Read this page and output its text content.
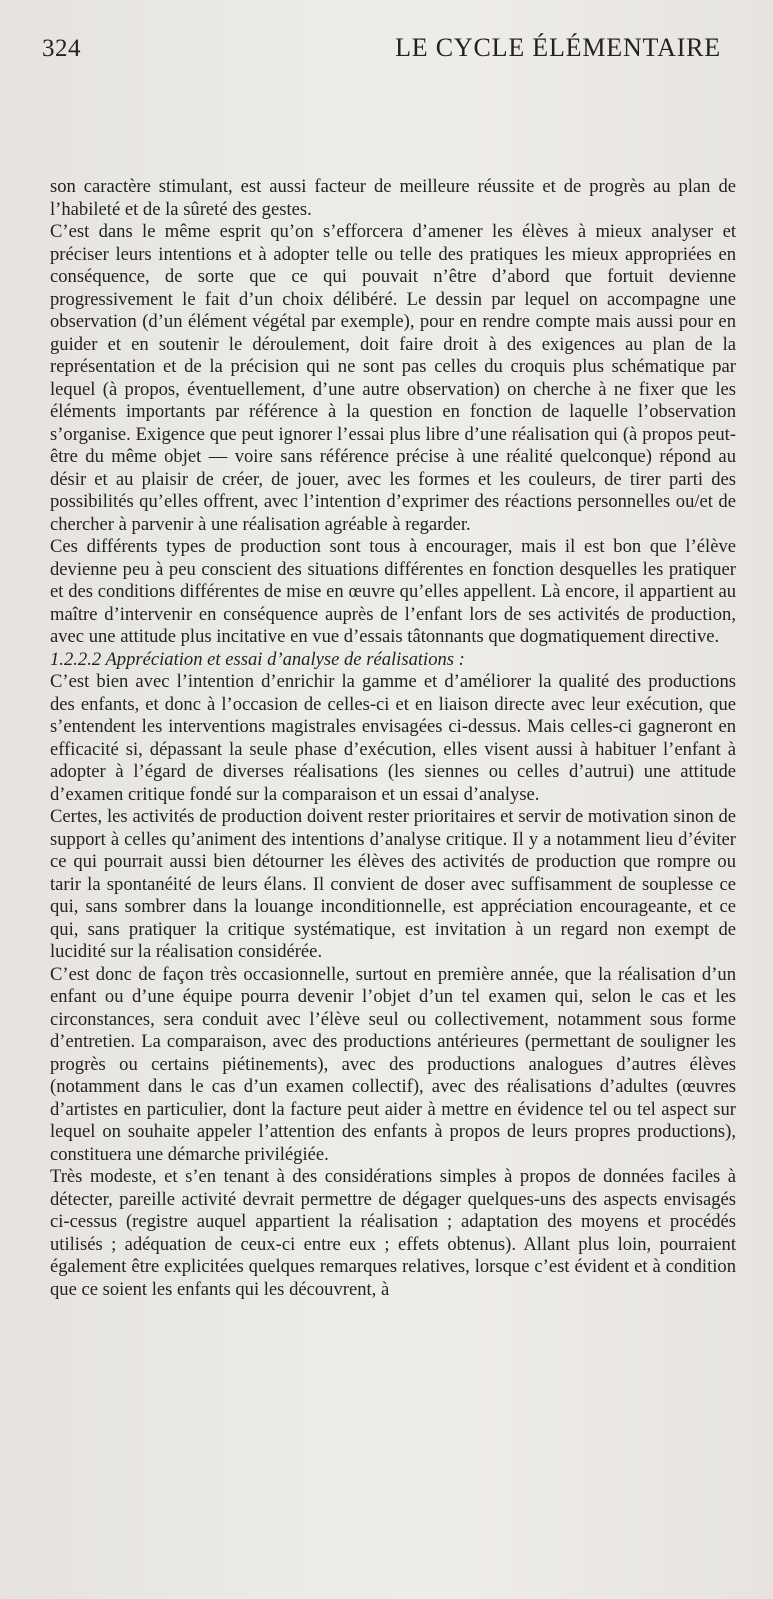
324	LE CYCLE ÉLÉMENTAIRE

son caractère stimulant, est aussi facteur de meilleure réussite et de progrès au plan de l’habileté et de la sûreté des gestes.

C’est dans le même esprit qu’on s’efforcera d’amener les élèves à mieux analyser et préciser leurs intentions et à adopter telle ou telle des pratiques les mieux appropriées en conséquence, de sorte que ce qui pouvait n’être d’abord que fortuit devienne progressivement le fait d’un choix délibéré. Le dessin par lequel on accompagne une observation (d’un élément végétal par exemple), pour en rendre compte mais aussi pour en guider et en soutenir le déroulement, doit faire droit à des exigences au plan de la représentation et de la précision qui ne sont pas celles du croquis plus schématique par lequel (à propos, éventuellement, d’une autre observation) on cherche à ne fixer que les éléments importants par référence à la question en fonction de laquelle l’observation s’organise. Exigence que peut ignorer l’essai plus libre d’une réalisation qui (à propos peut-être du même objet — voire sans référence précise à une réalité quelconque) répond au désir et au plaisir de créer, de jouer, avec les formes et les couleurs, de tirer parti des possibilités qu’elles offrent, avec l’intention d’exprimer des réactions personnelles ou/et de chercher à parvenir à une réalisation agréable à regarder.

Ces différents types de production sont tous à encourager, mais il est bon que l’élève devienne peu à peu conscient des situations différentes en fonction desquelles les pratiquer et des conditions différentes de mise en œuvre qu’elles appellent. Là encore, il appartient au maître d’intervenir en conséquence auprès de l’enfant lors de ses activités de production, avec une attitude plus incitative en vue d’essais tâtonnants que dogmatiquement directive.

1.2.2.2 Appréciation et essai d’analyse de réalisations :

C’est bien avec l’intention d’enrichir la gamme et d’améliorer la qualité des productions des enfants, et donc à l’occasion de celles-ci et en liaison directe avec leur exécution, que s’entendent les interventions magistrales envisagées ci-dessus. Mais celles-ci gagneront en efficacité si, dépassant la seule phase d’exécution, elles visent aussi à habituer l’enfant à adopter à l’égard de diverses réalisations (les siennes ou celles d’autrui) une attitude d’examen critique fondé sur la comparaison et un essai d’analyse.

Certes, les activités de production doivent rester prioritaires et servir de motivation sinon de support à celles qu’animent des intentions d’analyse critique. Il y a notamment lieu d’éviter ce qui pourrait aussi bien détourner les élèves des activités de production que rompre ou tarir la spontanéité de leurs élans. Il convient de doser avec suffisamment de souplesse ce qui, sans sombrer dans la louange inconditionnelle, est appréciation encourageante, et ce qui, sans pratiquer la critique systématique, est invitation à un regard non exempt de lucidité sur la réalisation considérée.

C’est donc de façon très occasionnelle, surtout en première année, que la réalisation d’un enfant ou d’une équipe pourra devenir l’objet d’un tel examen qui, selon le cas et les circonstances, sera conduit avec l’élève seul ou collectivement, notamment sous forme d’entretien. La comparaison, avec des productions antérieures (permettant de souligner les progrès ou certains piétinements), avec des productions analogues d’autres élèves (notamment dans le cas d’un examen collectif), avec des réalisations d’adultes (œuvres d’artistes en particulier, dont la facture peut aider à mettre en évidence tel ou tel aspect sur lequel on souhaite appeler l’attention des enfants à propos de leurs propres productions), constituera une démarche privilégiée.

Très modeste, et s’en tenant à des considérations simples à propos de données faciles à détecter, pareille activité devrait permettre de dégager quelques-uns des aspects envisagés ci-cessus (registre auquel appartient la réalisation ; adaptation des moyens et procédés utilisés ; adéquation de ceux-ci entre eux ; effets obtenus). Allant plus loin, pourraient également être explicitées quelques remarques relatives, lorsque c’est évident et à condition que ce soient les enfants qui les découvrent, à
